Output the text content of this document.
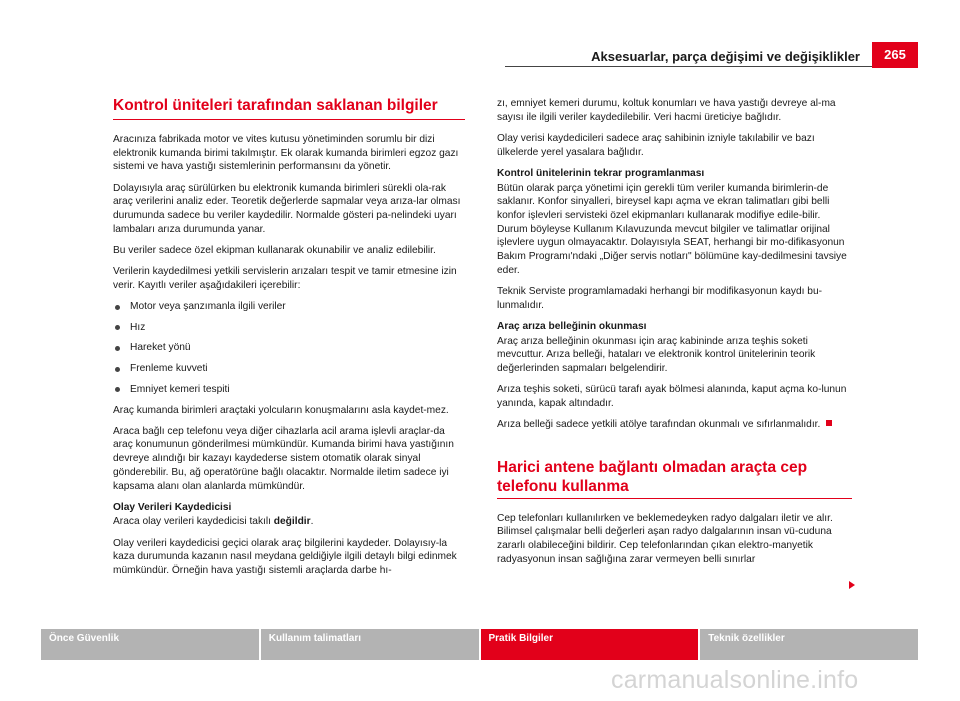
Aksesuarlar, parça değişimi ve değişiklikler	265
Kontrol üniteleri tarafından saklanan bilgiler

Aracınıza fabrikada motor ve vites kutusu yönetiminden sorumlu bir dizi elektronik kumanda birimi takılmıştır. Ek olarak kumanda birimleri egzoz gazı sistemi ve hava yastığı sistemlerinin performansını da yönetir.

Dolayısıyla araç sürülürken bu elektronik kumanda birimleri sürekli ola-rak araç verilerini analiz eder. Teoretik değerlerde sapmalar veya arıza-lar olması durumunda sadece bu veriler kaydedilir. Normalde gösteri pa-nelindeki uyarı lambaları arıza durumunda yanar.

Bu veriler sadece özel ekipman kullanarak okunabilir ve analiz edilebilir.

Verilerin kaydedilmesi yetkili servislerin arızaları tespit ve tamir etmesine izin verir. Kayıtlı veriler aşağıdakileri içerebilir:

Motor veya şanzımanla ilgili veriler
Hız
Hareket yönü
Frenleme kuvveti
Emniyet kemeri tespiti

Araç kumanda birimleri araçtaki yolcuların konuşmalarını asla kaydet-mez.

Araca bağlı cep telefonu veya diğer cihazlarla acil arama işlevli araçlar-da araç konumunun gönderilmesi mümkündür. Kumanda birimi hava yastığının devreye alındığı bir kazayı kaydederse sistem otomatik olarak sinyal gönderebilir. Bu, ağ operatörüne bağlı olacaktır. Normalde iletim sadece iyi kapsama alanı olan alanlarda mümkündür.

Olay Verileri Kaydedicisi

Araca olay verileri kaydedicisi takılı değildir.

Olay verileri kaydedicisi geçici olarak araç bilgilerini kaydeder. Dolayısıy-la kaza durumunda kazanın nasıl meydana geldiğiyle ilgili detaylı bilgi edinmek mümkündür. Örneğin hava yastığı sistemli araçlarda darbe hı-

zı, emniyet kemeri durumu, koltuk konumları ve hava yastığı devreye al-ma sayısı ile ilgili veriler kaydedilebilir. Veri hacmi üreticiye bağlıdır.

Olay verisi kaydedicileri sadece araç sahibinin izniyle takılabilir ve bazı ülkelerde yerel yasalara bağlıdır.

Kontrol ünitelerinin tekrar programlanması

Bütün olarak parça yönetimi için gerekli tüm veriler kumanda birimlerin-de saklanır. Konfor sinyalleri, bireysel kapı açma ve ekran talimatları gibi belli konfor işlevleri servisteki özel ekipmanları kullanarak modifiye edile-bilir. Durum böyleyse Kullanım Kılavuzunda mevcut bilgiler ve talimatlar orijinal işlevlere uygun olmayacaktır. Dolayısıyla SEAT, herhangi bir mo-difikasyonun Bakım Programı'ndaki „Diğer servis notları" bölümüne kay-dedilmesini tavsiye eder.

Teknik Serviste programlamadaki herhangi bir modifikasyonun kaydı bu-lunmalıdır.

Araç arıza belleğinin okunması

Araç arıza belleğinin okunması için araç kabininde arıza teşhis soketi mevcuttur. Arıza belleği, hataları ve elektronik kontrol ünitelerinin teorik değerlerinden sapmaları belgelendirir.

Arıza teşhis soketi, sürücü tarafı ayak bölmesi alanında, kaput açma ko-lunun yanında, kapak altındadır.

Arıza belleği sadece yetkili atölye tarafından okunmalı ve sıfırlanmalıdır.

Harici antene bağlantı olmadan araçta cep telefonu kullanma

Cep telefonları kullanılırken ve beklemedeyken radyo dalgaları iletir ve alır. Bilimsel çalışmalar belli değerleri aşan radyo dalgalarının insan vü-cuduna zararlı olabileceğini bildirir. Cep telefonlarından çıkan elektro-manyetik radyasyonun insan sağlığına zarar vermeyen belli sınırlar

Önce Güvenlik	Kullanım talimatları	Pratik Bilgiler	Teknik özellikler
carmanualsonline.info
